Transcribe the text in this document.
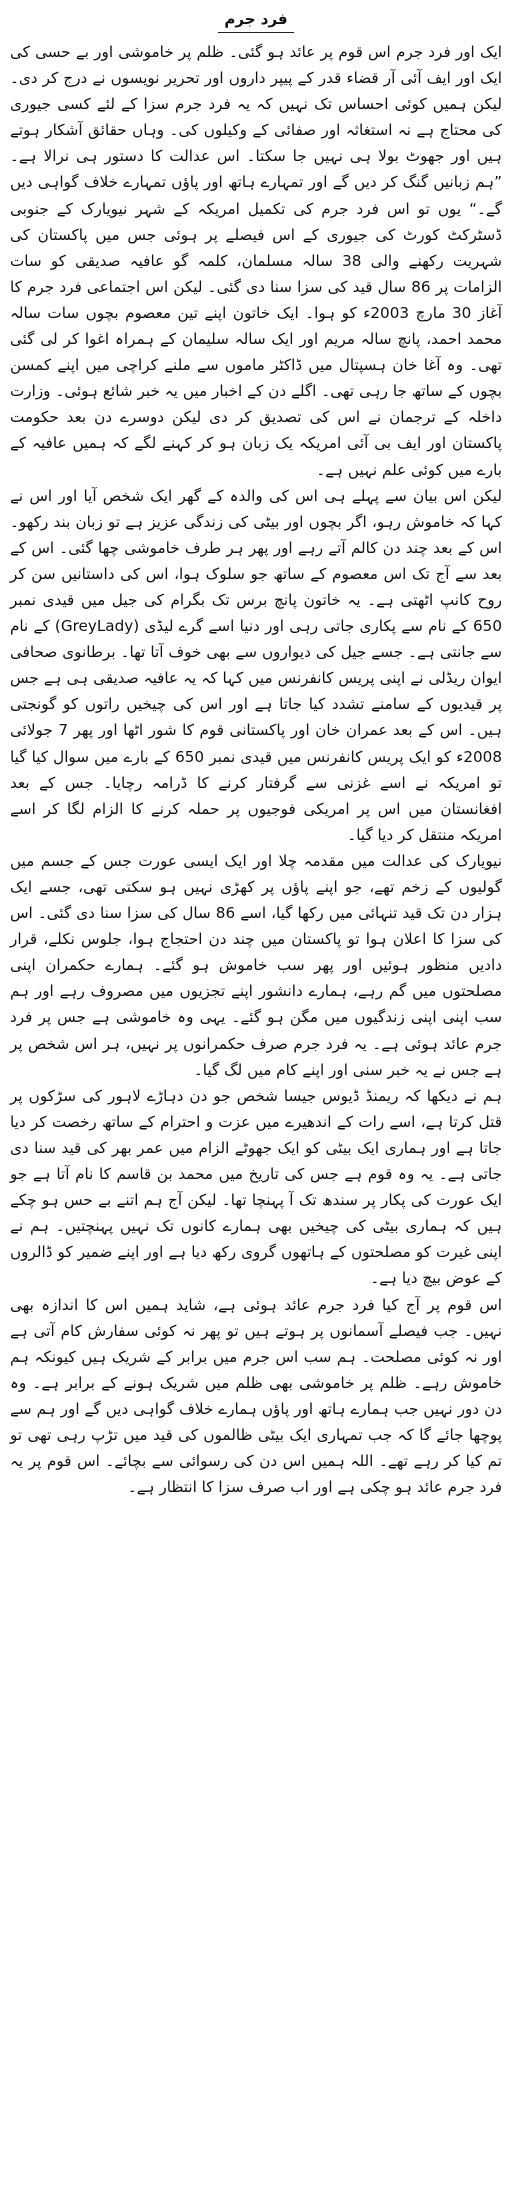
فرد جرم

ایک اور فرد جرم اس قوم پر عائد ہو گئی۔ ظلم پر خاموشی اور بے حسی کی ایک اور ایف آئی آر قضاء قدر کے پیپر داروں اور تحریر نویسوں نے درج کر دی۔ لیکن ہمیں کوئی احساس تک نہیں کہ یہ فرد جرم سزا کے لئے کسی جیوری کی محتاج ہے نہ استغاثہ اور صفائی کے وکیلوں کی۔ وہاں حقائق آشکار ہوتے ہیں اور جھوٹ بولا ہی نہیں جا سکتا۔ اس عدالت کا دستور ہی نرالا ہے۔ ”ہم زبانیں گنگ کر دیں گے اور تمہارے ہاتھ اور پاؤں تمہارے خلاف گواہی دیں گے۔“ یوں تو اس فرد جرم کی تکمیل امریکہ کے شہر نیویارک کے جنوبی ڈسٹرکٹ کورٹ کی جیوری کے اس فیصلے پر ہوئی جس میں پاکستان کی شہریت رکھنے والی 38 سالہ مسلمان، کلمہ گو عافیہ صدیقی کو سات الزامات پر 86 سال قید کی سزا سنا دی گئی۔ لیکن اس اجتماعی فرد جرم کا آغاز 30 مارچ 2003ء کو ہوا۔ ایک خاتون اپنے تین معصوم بچوں سات سالہ محمد احمد، پانچ سالہ مریم اور ایک سالہ سلیمان کے ہمراہ اغوا کر لی گئی تھی۔ وہ آغا خان ہسپتال میں ڈاکٹر ماموں سے ملنے کراچی میں اپنے کمسن بچوں کے ساتھ جا رہی تھی۔ اگلے دن کے اخبار میں یہ خبر شائع ہوئی۔ وزارت داخلہ کے ترجمان نے اس کی تصدیق کر دی لیکن دوسرے دن بعد حکومت پاکستان اور ایف بی آئی امریکہ یک زبان ہو کر کہنے لگے کہ ہمیں عافیہ کے بارے میں کوئی علم نہیں ہے۔

لیکن اس بیان سے پہلے ہی اس کی والدہ کے گھر ایک شخص آیا اور اس نے کہا کہ خاموش رہو، اگر بچوں اور بیٹی کی زندگی عزیز ہے تو زبان بند رکھو۔ اس کے بعد چند دن کالم آتے رہے اور پھر ہر طرف خاموشی چھا گئی۔ اس کے بعد سے آج تک اس معصوم کے ساتھ جو سلوک ہوا، اس کی داستانیں سن کر روح کانپ اٹھتی ہے۔ یہ خاتون پانچ برس تک بگرام کی جیل میں قیدی نمبر 650 کے نام سے پکاری جاتی رہی اور دنیا اسے گرے لیڈی (GreyLady) کے نام سے جانتی ہے۔ جسے جیل کی دیواروں سے بھی خوف آتا تھا۔ برطانوی صحافی ایوان ریڈلی نے اپنی پریس کانفرنس میں کہا کہ یہ عافیہ صدیقی ہی ہے جس پر قیدیوں کے سامنے تشدد کیا جاتا ہے اور اس کی چیخیں راتوں کو گونجتی ہیں۔ اس کے بعد عمران خان اور پاکستانی قوم کا شور اٹھا اور پھر 7 جولائی 2008ء کو ایک پریس کانفرنس میں قیدی نمبر 650 کے بارے میں سوال کیا گیا تو امریکہ نے اسے غزنی سے گرفتار کرنے کا ڈرامہ رچایا۔ جس کے بعد افغانستان میں اس پر امریکی فوجیوں پر حملہ کرنے کا الزام لگا کر اسے امریکہ منتقل کر دیا گیا۔

نیویارک کی عدالت میں مقدمہ چلا اور ایک ایسی عورت جس کے جسم میں گولیوں کے زخم تھے، جو اپنے پاؤں پر کھڑی نہیں ہو سکتی تھی، جسے ایک ہزار دن تک قید تنہائی میں رکھا گیا، اسے 86 سال کی سزا سنا دی گئی۔ اس کی سزا کا اعلان ہوا تو پاکستان میں چند دن احتجاج ہوا، جلوس نکلے، قرار دادیں منظور ہوئیں اور پھر سب خاموش ہو گئے۔ ہمارے حکمران اپنی مصلحتوں میں گم رہے، ہمارے دانشور اپنے تجزیوں میں مصروف رہے اور ہم سب اپنی اپنی زندگیوں میں مگن ہو گئے۔ یہی وہ خاموشی ہے جس پر فرد جرم عائد ہوئی ہے۔ یہ فرد جرم صرف حکمرانوں پر نہیں، ہر اس شخص پر ہے جس نے یہ خبر سنی اور اپنے کام میں لگ گیا۔

ہم نے دیکھا کہ ریمنڈ ڈیوس جیسا شخص جو دن دہاڑے لاہور کی سڑکوں پر قتل کرتا ہے، اسے رات کے اندھیرے میں عزت و احترام کے ساتھ رخصت کر دیا جاتا ہے اور ہماری ایک بیٹی کو ایک جھوٹے الزام میں عمر بھر کی قید سنا دی جاتی ہے۔ یہ وہ قوم ہے جس کی تاریخ میں محمد بن قاسم کا نام آتا ہے جو ایک عورت کی پکار پر سندھ تک آ پہنچا تھا۔ لیکن آج ہم اتنے بے حس ہو چکے ہیں کہ ہماری بیٹی کی چیخیں بھی ہمارے کانوں تک نہیں پہنچتیں۔ ہم نے اپنی غیرت کو مصلحتوں کے ہاتھوں گروی رکھ دیا ہے اور اپنے ضمیر کو ڈالروں کے عوض بیچ دیا ہے۔

اس قوم پر آج کیا فرد جرم عائد ہوئی ہے، شاید ہمیں اس کا اندازہ بھی نہیں۔ جب فیصلے آسمانوں پر ہوتے ہیں تو پھر نہ کوئی سفارش کام آتی ہے اور نہ کوئی مصلحت۔ ہم سب اس جرم میں برابر کے شریک ہیں کیونکہ ہم خاموش رہے۔ ظلم پر خاموشی بھی ظلم میں شریک ہونے کے برابر ہے۔ وہ دن دور نہیں جب ہمارے ہاتھ اور پاؤں ہمارے خلاف گواہی دیں گے اور ہم سے پوچھا جائے گا کہ جب تمہاری ایک بیٹی ظالموں کی قید میں تڑپ رہی تھی تو تم کیا کر رہے تھے۔ اللہ ہمیں اس دن کی رسوائی سے بچائے۔ اس قوم پر یہ فرد جرم عائد ہو چکی ہے اور اب صرف سزا کا انتظار ہے۔
